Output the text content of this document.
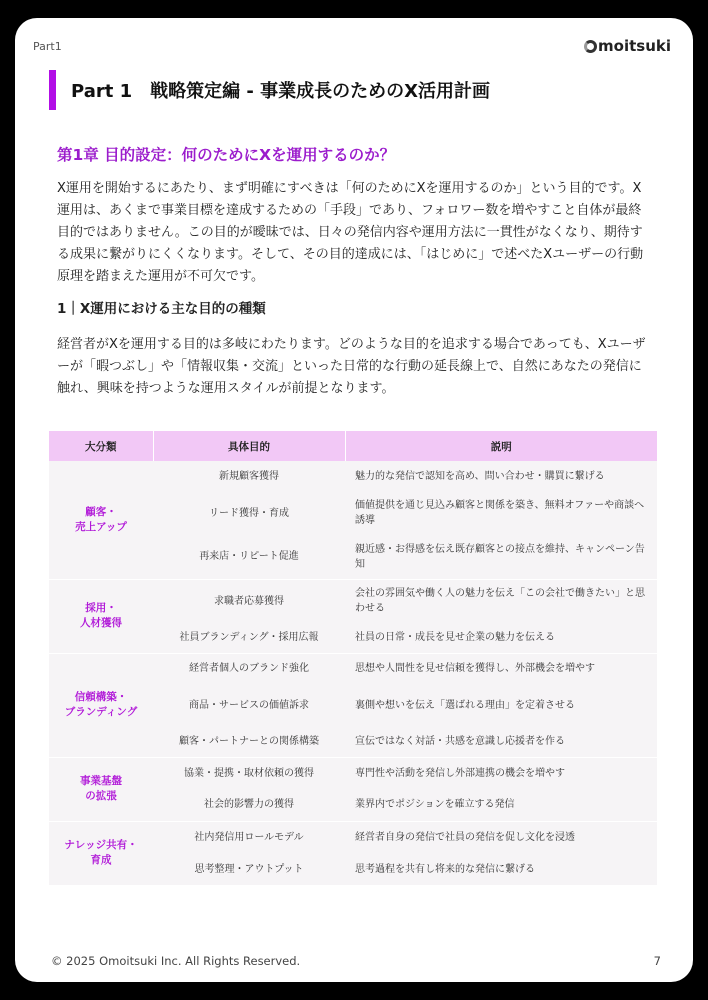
Part1	moitsuki
Part 1　戦略策定編 - 事業成長のためのX活用計画
第1章 目的設定：何のためにXを運用するのか？
X運用を開始するにあたり、まず明確にすべきは「何のためにXを運用するのか」という目的です。X運用は、あくまで事業目標を達成するための「手段」であり、フォロワー数を増やすこと自体が最終目的ではありません。この目的が曖昧では、日々の発信内容や運用方法に一貫性がなくなり、期待する成果に繋がりにくくなります。そして、その目的達成には、「はじめに」で述べたXユーザーの行動原理を踏まえた運用が不可欠です。
1｜X運用における主な目的の種類
経営者がXを運用する目的は多岐にわたります。どのような目的を追求する場合であっても、Xユーザーが「暇つぶし」や「情報収集・交流」といった日常的な行動の延長線上で、自然にあなたの発信に触れ、興味を持つような運用スタイルが前提となります。
大分類	具体目的	説明
顧客・
売上アップ	新規顧客獲得	魅力的な発信で認知を高め、問い合わせ・購買に繋げる
	リード獲得・育成	価値提供を通じ見込み顧客と関係を築き、無料オファーや商談へ誘導
	再来店・リピート促進	親近感・お得感を伝え既存顧客との接点を維持、キャンペーン告知
採用・
人材獲得	求職者応募獲得	会社の雰囲気や働く人の魅力を伝え「この会社で働きたい」と思わせる
	社員ブランディング・採用広報	社員の日常・成長を見せ企業の魅力を伝える
信頼構築・
ブランディング	経営者個人のブランド強化	思想や人間性を見せ信頼を獲得し、外部機会を増やす
	商品・サービスの価値訴求	裏側や想いを伝え「選ばれる理由」を定着させる
	顧客・パートナーとの関係構築	宣伝ではなく対話・共感を意識し応援者を作る
事業基盤
の拡張	協業・提携・取材依頼の獲得	専門性や活動を発信し外部連携の機会を増やす
	社会的影響力の獲得	業界内でポジションを確立する発信
ナレッジ共有・
育成	社内発信用ロールモデル	経営者自身の発信で社員の発信を促し文化を浸透
	思考整理・アウトプット	思考過程を共有し将来的な発信に繋げる
© 2025 Omoitsuki Inc. All Rights Reserved.	7
